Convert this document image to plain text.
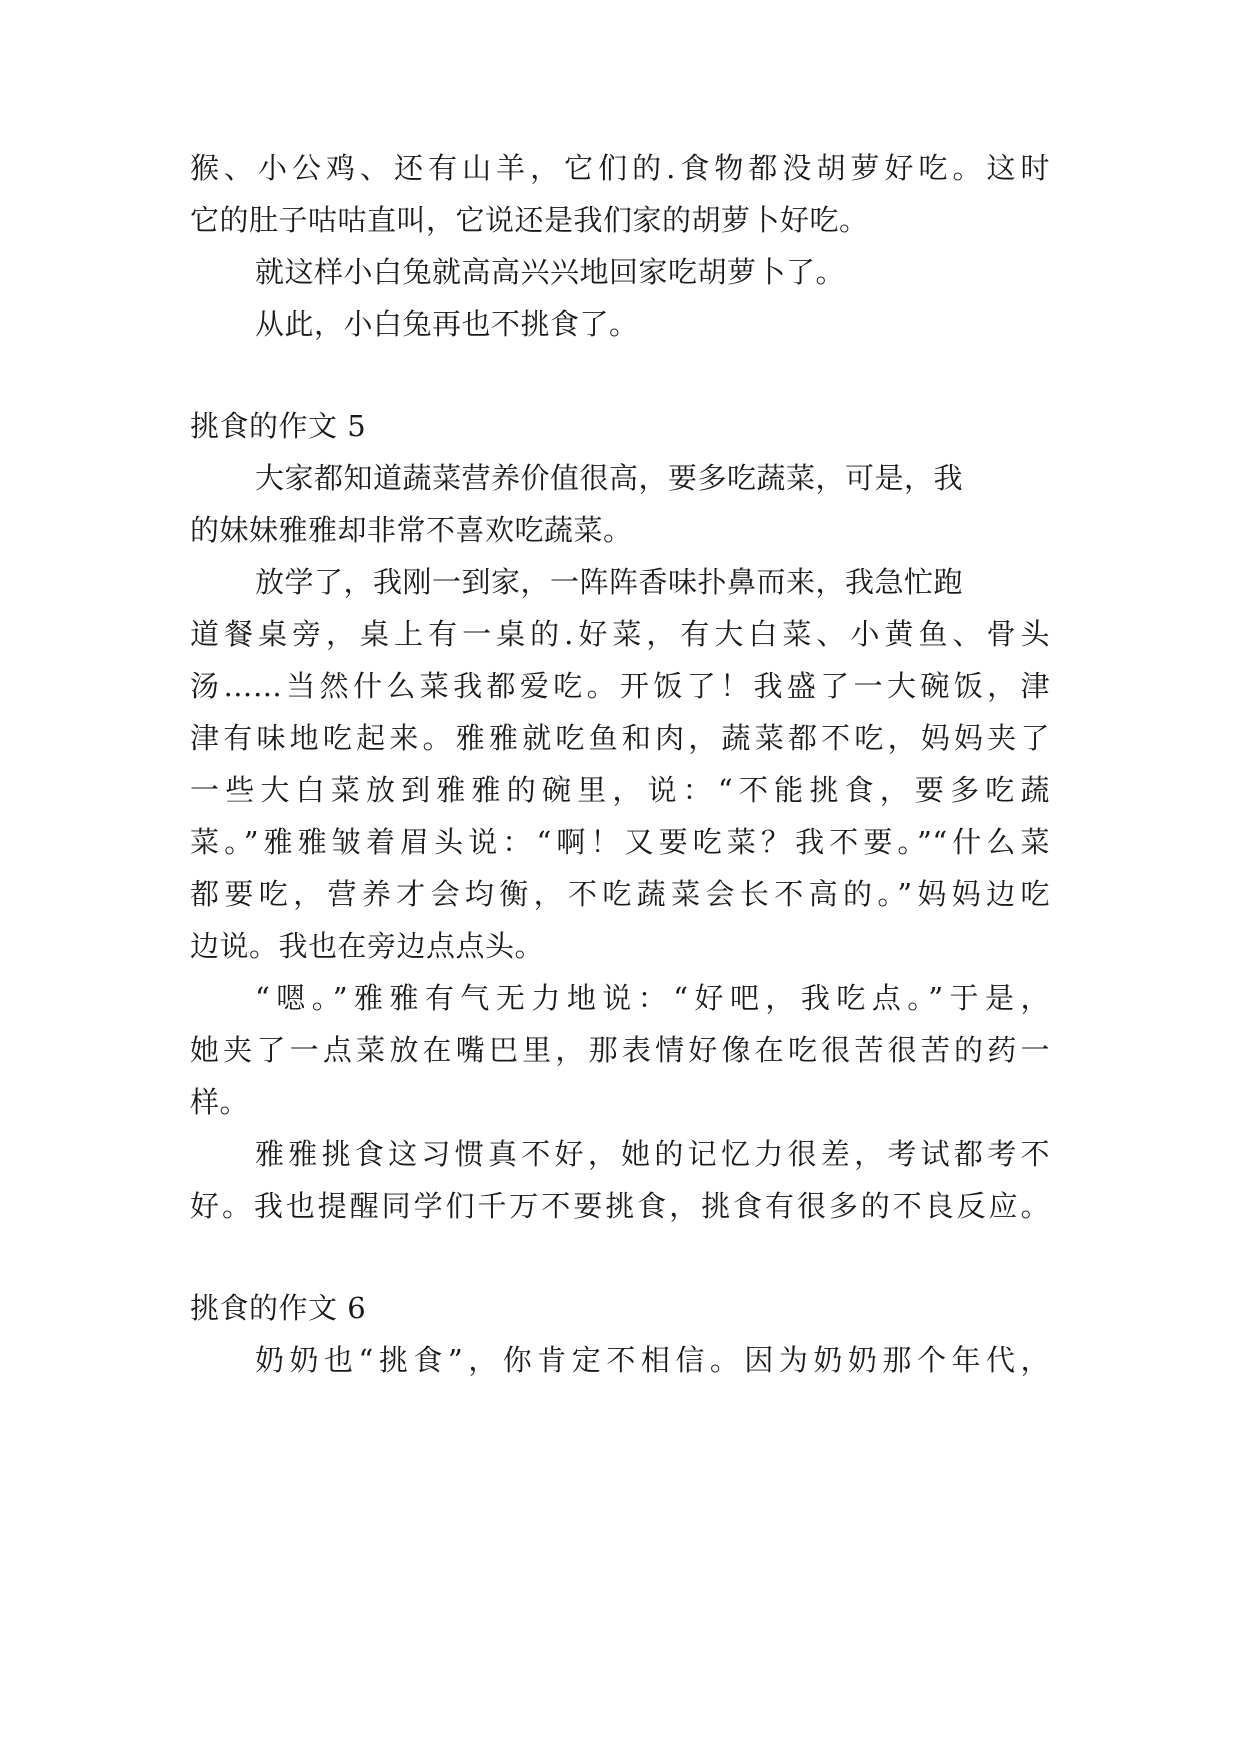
猴、小公鸡、还有山羊，它们的.食物都没胡萝好吃。这时
它的肚子咕咕直叫，它说还是我们家的胡萝卜好吃。
就这样小白兔就高高兴兴地回家吃胡萝卜了。
从此，小白兔再也不挑食了。
挑食的作文 5
大家都知道蔬菜营养价值很高，要多吃蔬菜，可是，我
的妹妹雅雅却非常不喜欢吃蔬菜。
放学了，我刚一到家，一阵阵香味扑鼻而来，我急忙跑
道餐桌旁，桌上有一桌的.好菜，有大白菜、小黄鱼、骨头
汤……当然什么菜我都爱吃。开饭了！我盛了一大碗饭，津
津有味地吃起来。雅雅就吃鱼和肉，蔬菜都不吃，妈妈夹了
一些大白菜放到雅雅的碗里，说：“不能挑食，要多吃蔬
菜。”雅雅皱着眉头说：“啊！又要吃菜？我不要。”“什么菜
都要吃，营养才会均衡，不吃蔬菜会长不高的。”妈妈边吃
边说。我也在旁边点点头。
“嗯。”雅雅有气无力地说：“好吧，我吃点。”于是，
她夹了一点菜放在嘴巴里，那表情好像在吃很苦很苦的药一
样。
雅雅挑食这习惯真不好，她的记忆力很差，考试都考不
好。我也提醒同学们千万不要挑食，挑食有很多的不良反应。
挑食的作文 6
奶奶也“挑食”，你肯定不相信。因为奶奶那个年代，
